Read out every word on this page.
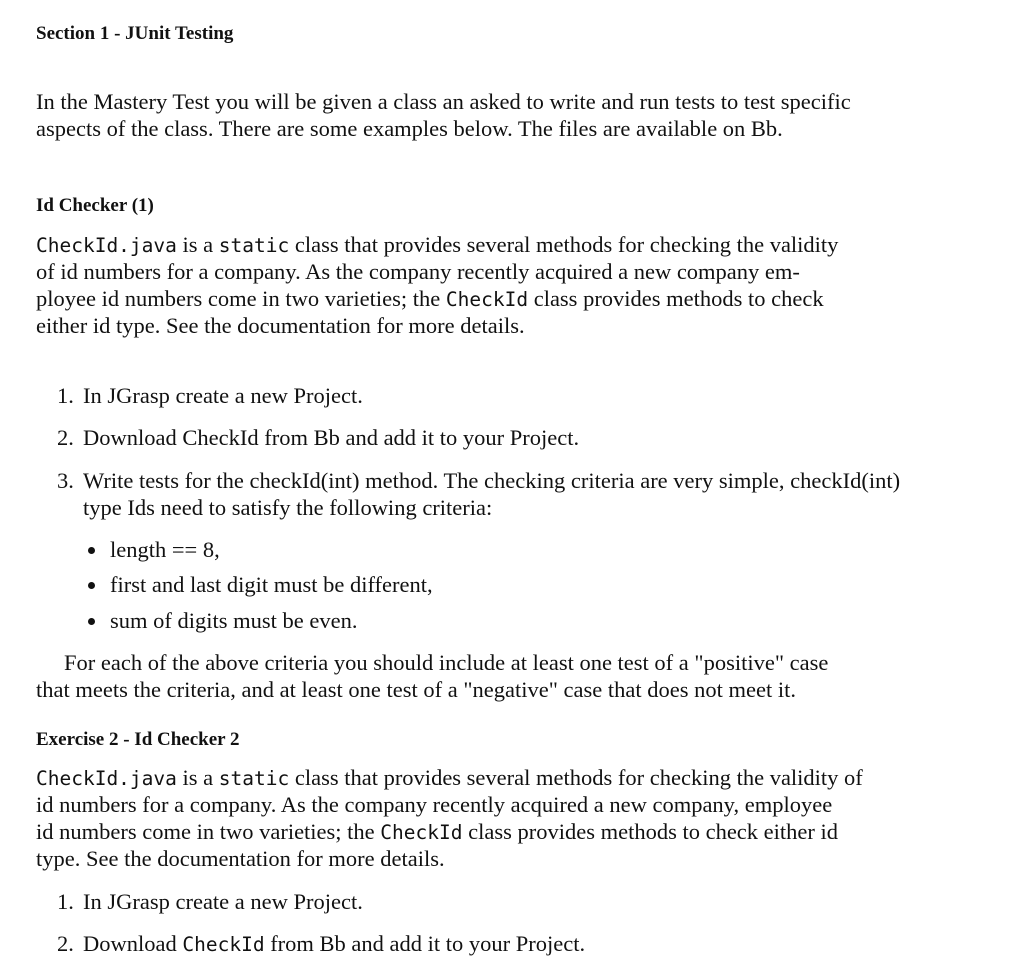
Section 1 - JUnit Testing
In the Mastery Test you will be given a class an asked to write and run tests to test specific
aspects of the class. There are some examples below. The files are available on Bb.
Id Checker (1)
CheckId.java is a static class that provides several methods for checking the validity
of id numbers for a company. As the company recently acquired a new company em-
ployee id numbers come in two varieties; the CheckId class provides methods to check
either id type. See the documentation for more details.
1. In JGrasp create a new Project.
2. Download CheckId from Bb and add it to your Project.
3. Write tests for the checkId(int) method. The checking criteria are very simple, checkId(int)
type Ids need to satisfy the following criteria:
length == 8,
first and last digit must be different,
sum of digits must be even.
For each of the above criteria you should include at least one test of a "positive" case
that meets the criteria, and at least one test of a "negative" case that does not meet it.
Exercise 2 - Id Checker 2
CheckId.java is a static class that provides several methods for checking the validity of
id numbers for a company. As the company recently acquired a new company, employee
id numbers come in two varieties; the CheckId class provides methods to check either id
type. See the documentation for more details.
1. In JGrasp create a new Project.
2. Download CheckId from Bb and add it to your Project.
